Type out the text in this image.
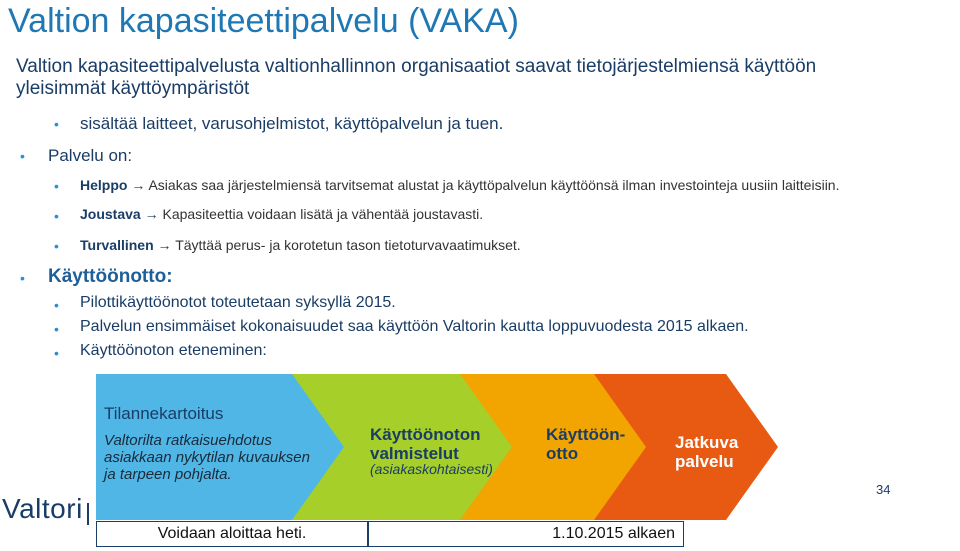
Valtion kapasiteettipalvelu (VAKA)
Valtion kapasiteettipalvelusta valtionhallinnon organisaatiot saavat tietojärjestelmiensä käyttöön
yleisimmät käyttöympäristöt
• sisältää laitteet, varusohjelmistot, käyttöpalvelun ja tuen.
• Palvelu on:
• Helppo → Asiakas saa järjestelmiensä tarvitsemat alustat ja käyttöpalvelun käyttöönsä ilman investointeja uusiin laitteisiin.
• Joustava → Kapasiteettia voidaan lisätä ja vähentää joustavasti.
• Turvallinen → Täyttää perus- ja korotetun tason tietoturvavaatimukset.
• Käyttöönotto:
• Pilottikäyttöönotot toteutetaan syksyllä 2015.
• Palvelun ensimmäiset kokonaisuudet saa käyttöön Valtorin kautta loppuvuodesta 2015 alkaen.
• Käyttöönoton eteneminen:
Tilannekartoitus
Valtorilta ratkaisuehdotus
asiakkaan nykytilan kuvauksen
ja tarpeen pohjalta.
Käyttöönoton
valmistelut
(asiakaskohtaisesti)
Käyttöön-
otto
Jatkuva
palvelu
Valtori
34
Voidaan aloittaa heti.	1.10.2015 alkaen
